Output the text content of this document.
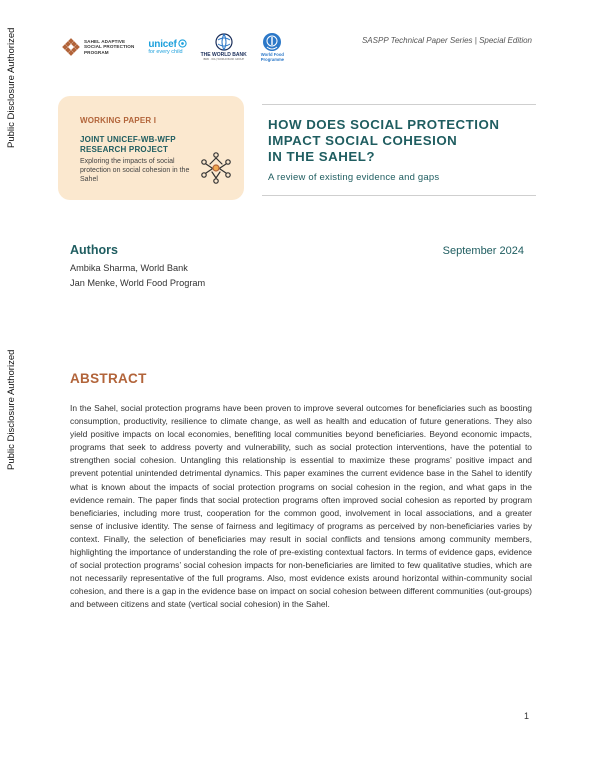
Public Disclosure Authorized
Public Disclosure Authorized
SAHEL ADAPTIVE
SOCIAL PROTECTION
PROGRAM
unicef
for every child	THE WORLD BANK
IBRD · IDA | WORLD BANK GROUP
World Food
Programme
SASPP Technical Paper Series | Special Edition
WORKING PAPER I
JOINT UNICEF-WB-WFP
RESEARCH PROJECT
Exploring the impacts of social protection on social cohesion in the Sahel
HOW DOES SOCIAL PROTECTION
IMPACT SOCIAL COHESION
IN THE SAHEL?
A review of existing evidence and gaps
Authors
Ambika Sharma, World Bank
Jan Menke, World Food Program
September 2024
ABSTRACT

In the Sahel, social protection programs have been proven to improve several outcomes for beneficiaries such as boosting consumption, productivity, resilience to climate change, as well as health and education of future generations. They also yield positive impacts on local economies, benefiting local communities beyond beneficiaries. Beyond economic impacts, programs that seek to address poverty and vulnerability, such as social protection interventions, have the potential to strengthen social cohesion. Untangling this relationship is essential to maximize these programs’ positive impact and prevent potential unintended detrimental dynamics. This paper examines the current evidence base in the Sahel to identify what is known about the impacts of social protection programs on social cohesion in the region, and what gaps in the evidence remain. The paper finds that social protection programs often improved social cohesion as reported by program beneficiaries, including more trust, cooperation for the common good, involvement in local associations, and a greater sense of inclusive identity. The sense of fairness and legitimacy of programs as perceived by non-beneficiaries varies by context. Finally, the selection of beneficiaries may result in social conflicts and tensions among community members, highlighting the importance of understanding the role of pre-existing contextual factors. In terms of evidence gaps, evidence of social protection programs’ social cohesion impacts for non-beneficiaries are limited to few qualitative studies, which are not necessarily representative of the full programs. Also, most evidence exists around horizontal within-community social cohesion, and there is a gap in the evidence base on impact on social cohesion between different communities (out-groups) and between citizens and state (vertical social cohesion) in the Sahel.

1
